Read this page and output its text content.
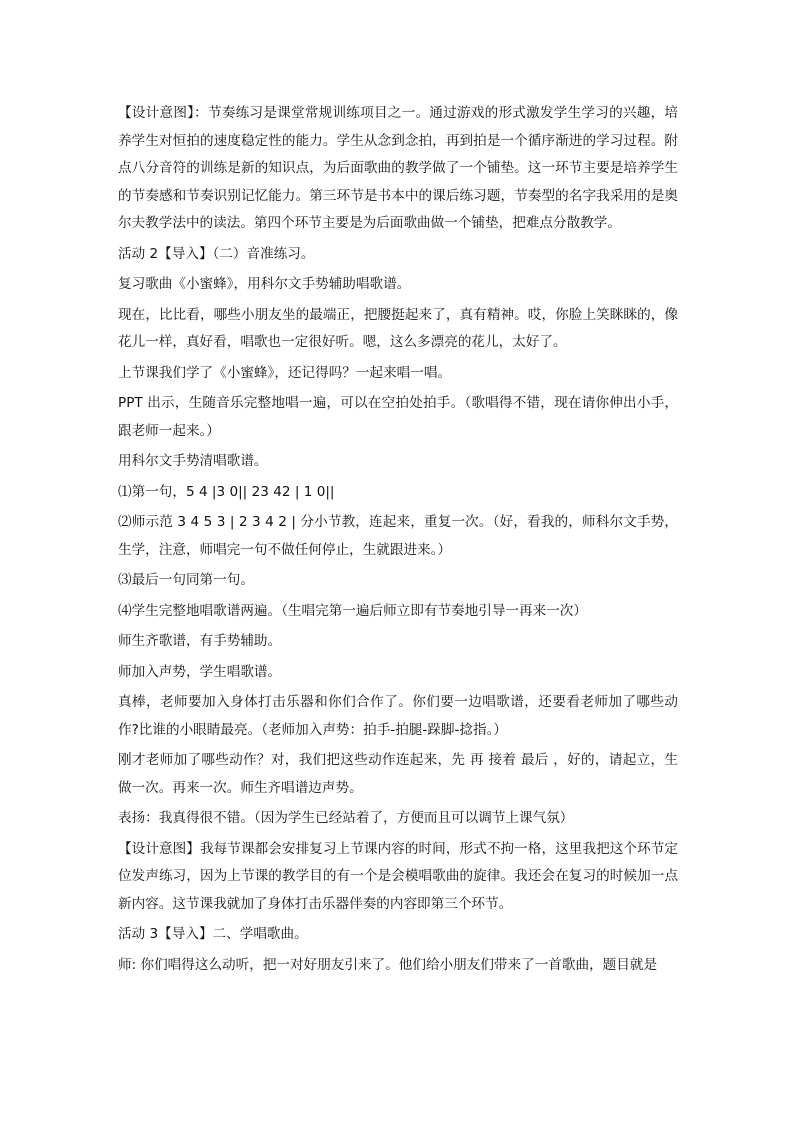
【设计意图】：节奏练习是课堂常规训练项目之一。通过游戏的形式激发学生学习的兴趣，培养学生对恒拍的速度稳定性的能力。学生从念到念拍，再到拍是一个循序渐进的学习过程。附点八分音符的训练是新的知识点，为后面歌曲的教学做了一个铺垫。这一环节主要是培养学生的节奏感和节奏识别记忆能力。第三环节是书本中的课后练习题，节奏型的名字我采用的是奥尔夫教学法中的读法。第四个环节主要是为后面歌曲做一个铺垫，把难点分散教学。

活动 2【导入】（二）音准练习。

复习歌曲《小蜜蜂》，用科尔文手势辅助唱歌谱。

现在，比比看，哪些小朋友坐的最端正，把腰挺起来了，真有精神。哎，你脸上笑眯眯的，像花儿一样，真好看，唱歌也一定很好听。嗯，这么多漂亮的花儿，太好了。

上节课我们学了《小蜜蜂》，还记得吗？一起来唱一唱。

PPT 出示，生随音乐完整地唱一遍，可以在空拍处拍手。（歌唱得不错，现在请你伸出小手，跟老师一起来。）

用科尔文手势清唱歌谱。

⑴第一句，5 4 |3 0|| 23 42 | 1 0||

⑵师示范 3 4 5 3 | 2 3 4 2 | 分小节教，连起来，重复一次。（好，看我的，师科尔文手势，生学，注意，师唱完一句不做任何停止，生就跟进来。）

⑶最后一句同第一句。

⑷学生完整地唱歌谱两遍。（生唱完第一遍后师立即有节奏地引导一再来一次）

师生齐歌谱，有手势辅助。

师加入声势，学生唱歌谱。

真棒，老师要加入身体打击乐器和你们合作了。你们要一边唱歌谱，还要看老师加了哪些动作?比谁的小眼睛最亮。（老师加入声势：拍手-拍腿-跺脚-捻指。）

刚才老师加了哪些动作？对，我们把这些动作连起来，先 再 接着 最后 ，好的，请起立，生做一次。再来一次。师生齐唱谱边声势。

表扬：我真得很不错。（因为学生已经站着了，方便而且可以调节上课气氛）

【设计意图】我每节课都会安排复习上节课内容的时间，形式不拘一格，这里我把这个环节定位发声练习，因为上节课的教学目的有一个是会模唱歌曲的旋律。我还会在复习的时候加一点新内容。这节课我就加了身体打击乐器伴奏的内容即第三个环节。

活动 3【导入】二、学唱歌曲。

师: 你们唱得这么动听，把一对好朋友引来了。他们给小朋友们带来了一首歌曲，题目就是
